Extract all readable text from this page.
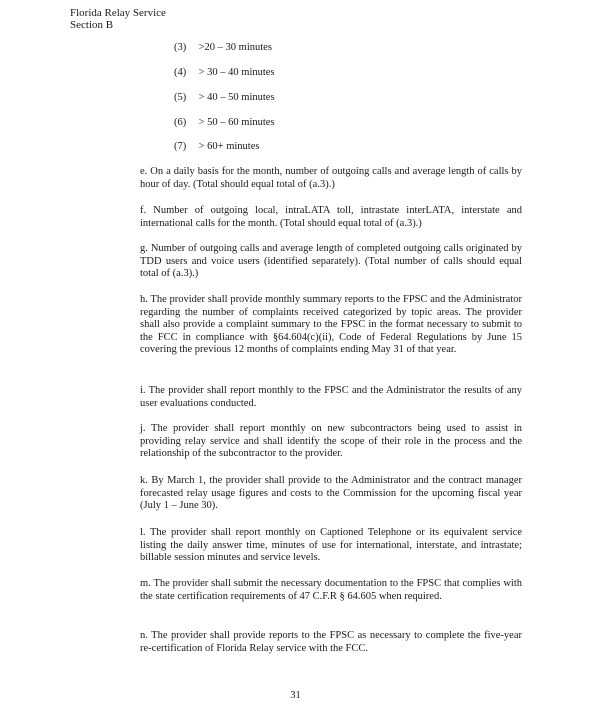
Florida Relay Service
Section B
(3) >20 – 30 minutes
(4) > 30 – 40 minutes
(5) > 40 – 50 minutes
(6) > 50 – 60 minutes
(7) > 60+ minutes
e. On a daily basis for the month, number of outgoing calls and average length of calls by hour of day. (Total should equal total of (a.3).)
f. Number of outgoing local, intraLATA toll, intrastate interLATA, interstate and international calls for the month. (Total should equal total of (a.3).)
g. Number of outgoing calls and average length of completed outgoing calls originated by TDD users and voice users (identified separately). (Total number of calls should equal total of (a.3).)
h. The provider shall provide monthly summary reports to the FPSC and the Administrator regarding the number of complaints received categorized by topic areas. The provider shall also provide a complaint summary to the FPSC in the format necessary to submit to the FCC in compliance with §64.604(c)(ii), Code of Federal Regulations by June 15 covering the previous 12 months of complaints ending May 31 of that year.
i. The provider shall report monthly to the FPSC and the Administrator the results of any user evaluations conducted.
j. The provider shall report monthly on new subcontractors being used to assist in providing relay service and shall identify the scope of their role in the process and the relationship of the subcontractor to the provider.
k. By March 1, the provider shall provide to the Administrator and the contract manager forecasted relay usage figures and costs to the Commission for the upcoming fiscal year (July 1 – June 30).
l. The provider shall report monthly on Captioned Telephone or its equivalent service listing the daily answer time, minutes of use for international, interstate, and intrastate; billable session minutes and service levels.
m. The provider shall submit the necessary documentation to the FPSC that complies with the state certification requirements of 47 C.F.R § 64.605 when required.
n. The provider shall provide reports to the FPSC as necessary to complete the five-year re-certification of Florida Relay service with the FCC.
31
